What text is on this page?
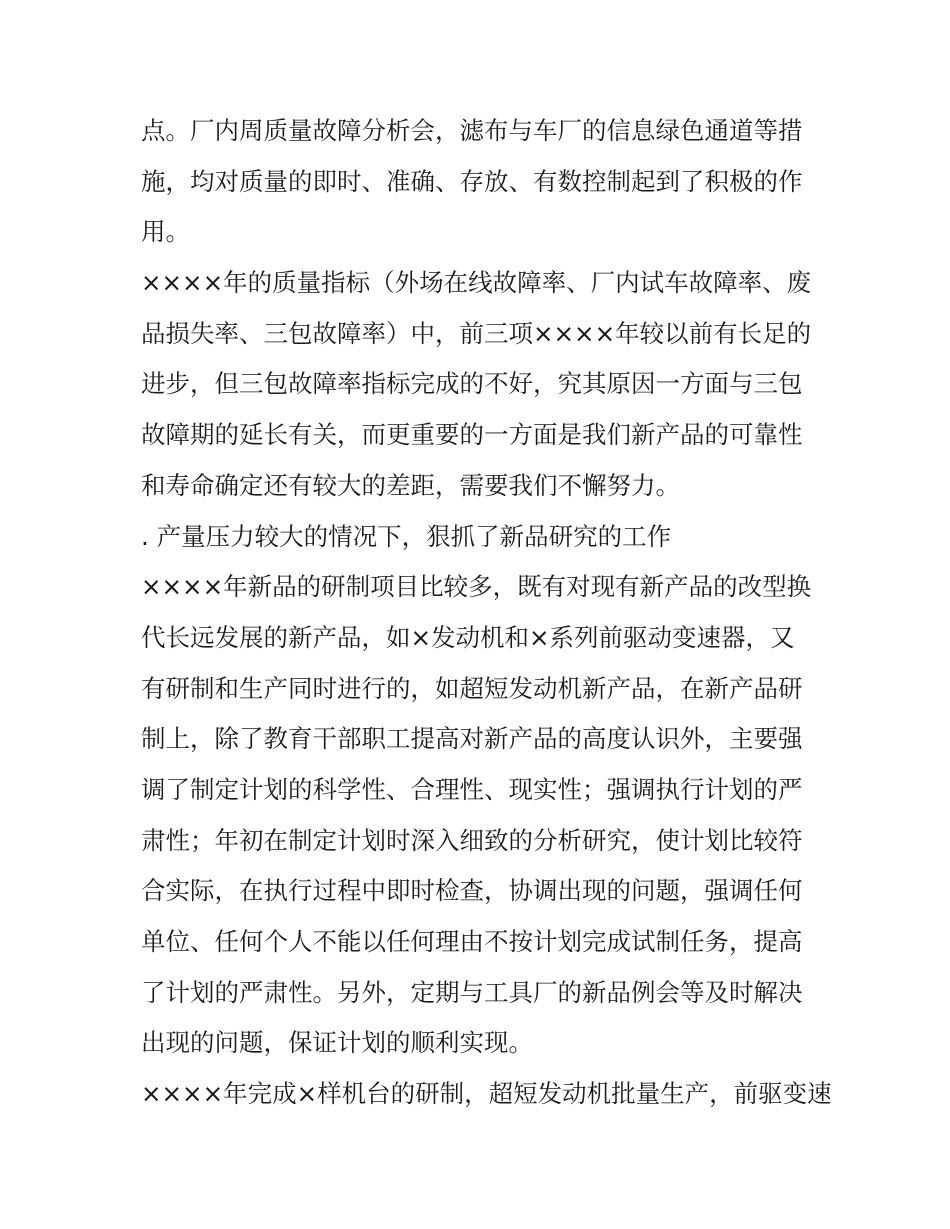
点。厂内周质量故障分析会，滤布与车厂的信息绿色通道等措
施，均对质量的即时、准确、存放、有数控制起到了积极的作
用。
××××年的质量指标（外场在线故障率、厂内试车故障率、废
品损失率、三包故障率）中，前三项××××年较以前有长足的
进步，但三包故障率指标完成的不好，究其原因一方面与三包
故障期的延长有关，而更重要的一方面是我们新产品的可靠性
和寿命确定还有较大的差距，需要我们不懈努力。
. 产量压力较大的情况下，狠抓了新品研究的工作
××××年新品的研制项目比较多，既有对现有新产品的改型换
代长远发展的新产品，如×发动机和×系列前驱动变速器，又
有研制和生产同时进行的，如超短发动机新产品，在新产品研
制上，除了教育干部职工提高对新产品的高度认识外，主要强
调了制定计划的科学性、合理性、现实性；强调执行计划的严
肃性；年初在制定计划时深入细致的分析研究，使计划比较符
合实际，在执行过程中即时检查，协调出现的问题，强调任何
单位、任何个人不能以任何理由不按计划完成试制任务，提高
了计划的严肃性。另外，定期与工具厂的新品例会等及时解决
出现的问题，保证计划的顺利实现。
××××年完成×样机台的研制，超短发动机批量生产，前驱变速
